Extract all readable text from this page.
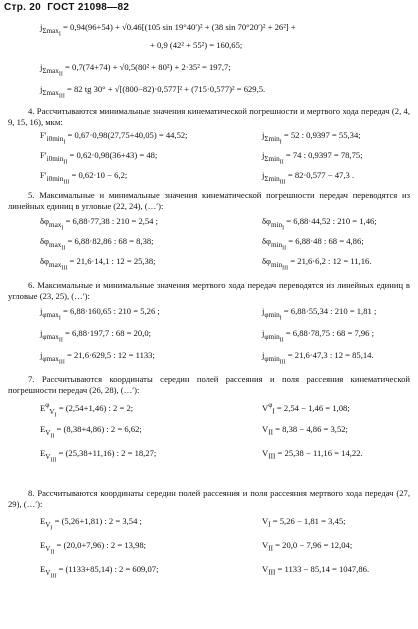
Стр. 20 ГОСТ 21098—82
$j_{\Sigma max_I} = 0,94(96+54) + √0.46[(105$ sin 19°40′)² + (38 sin 70°20′)² + 26²] +
+ 0,9 (42² + 55²) = 160,65;
$j_{\Sigma max_{II}} = 0,7(74+74) + √0,5(80^2 + 80^2) + 2\cdot 35^2 = 197,7$;
$j_{\Sigma max_{III}} = 82$ tg 30° + √[(800−82)·0,577]² + (715·0,577)² = 629,5.

4. Рассчитываются минимальные значения кинематической погрешности и мертвого хода передач (2, 4, 9, 15, 16), мкм:

$F'_{i0min_I} = 0,67\cdot 0,98(27,75+40,05) = 44,52$;	$j_{\Sigma min_I} = 52$ : 0,9397 = 55,34;
$F'_{i0min_{II}} = 0,62\cdot 0,98(36+43) = 48$;	$j_{\Sigma min_{II}} = 74$ : 0,9397 = 78,75;
$F'_{i0min_{III}} = 0,62\cdot 10 - 6,2$;	$j_{\Sigma min_{III}} = 82\cdot 0,577 - 47,3$ .

5. Максимальные и минимальные значения кинематической погрешности передач переводятся из линейных единиц в угловые (22, 24), (…′):

$\delta\varphi_{max_I} = 6,88\cdot 77,38$ : 210 = 2,54 ;	$\delta\varphi_{min_I} = 6,88\cdot 44,52$ : 210 = 1,46;
$\delta\varphi_{max_{II}} = 6,88\cdot 82,86$ : 68 = 8,38;	$\delta\varphi_{min_{II}} = 6,88\cdot 48$ : 68 = 4,86;
$\delta\varphi_{max_{III}} = 21,6\cdot 14,1$ : 12 = 25,38;	$\delta\varphi_{min_{III}} = 21,6\cdot 6,2$ : 12 = 11,16.

6. Максимальные и минимальные значения мертвого хода передач переводятся из линейных единиц в угловые (23, 25), (…′):

$j_{\varphi max_I} = 6,88\cdot 160,65$ : 210 = 5,26 ;	$j_{\varphi min_I} = 6,88\cdot 55,34$ : 210 = 1,81 ;
$j_{\varphi max_{II}} = 6,88\cdot 197,7$ : 68 = 20,0;	$j_{\varphi min_{II}} = 6,88\cdot 78,75$ : 68 = 7,96 ;
$j_{\varphi max_{III}} = 21,6\cdot 629,5$ : 12 = 1133;	$j_{\varphi min_{III}} = 21,6\cdot 47,3$ : 12 = 85,14.

7. Рассчитываются координаты середин полей рассеяния и поля рассеяния кинематической погрешности передач (26, 28), (…′):

$E^\varphi_{V_I} = (2,54+1,46)$ : 2 = 2;	$V^\varphi_I = 2,54 - 1,46 = 1,08$;
$E_{V_{II}} = (8,38+4,86)$ : 2 = 6,62;	$V_{II} = 8,38 - 4,86 = 3,52$;
$E_{V_{III}} = (25,38+11,16)$ : 2 = 18,27;	$V_{III} = 25,38 - 11,16 = 14,22$.

8. Рассчитываются координаты середин полей рассеяния и поля рассеяния мертвого хода передач (27, 29), (…′):

$E_{V_I} = (5,26+1,81)$ : 2 = 3,54 ;	$V_I = 5,26 - 1,81 = 3,45$;
$E_{V_{II}} = (20,0+7,96)$ : 2 = 13,98;	$V_{II} = 20,0 - 7,96 = 12,04$;
$E_{V_{III}} = (1133+85,14)$ : 2 = 609,07;	$V_{III} = 1133 - 85,14 = 1047,86$.
